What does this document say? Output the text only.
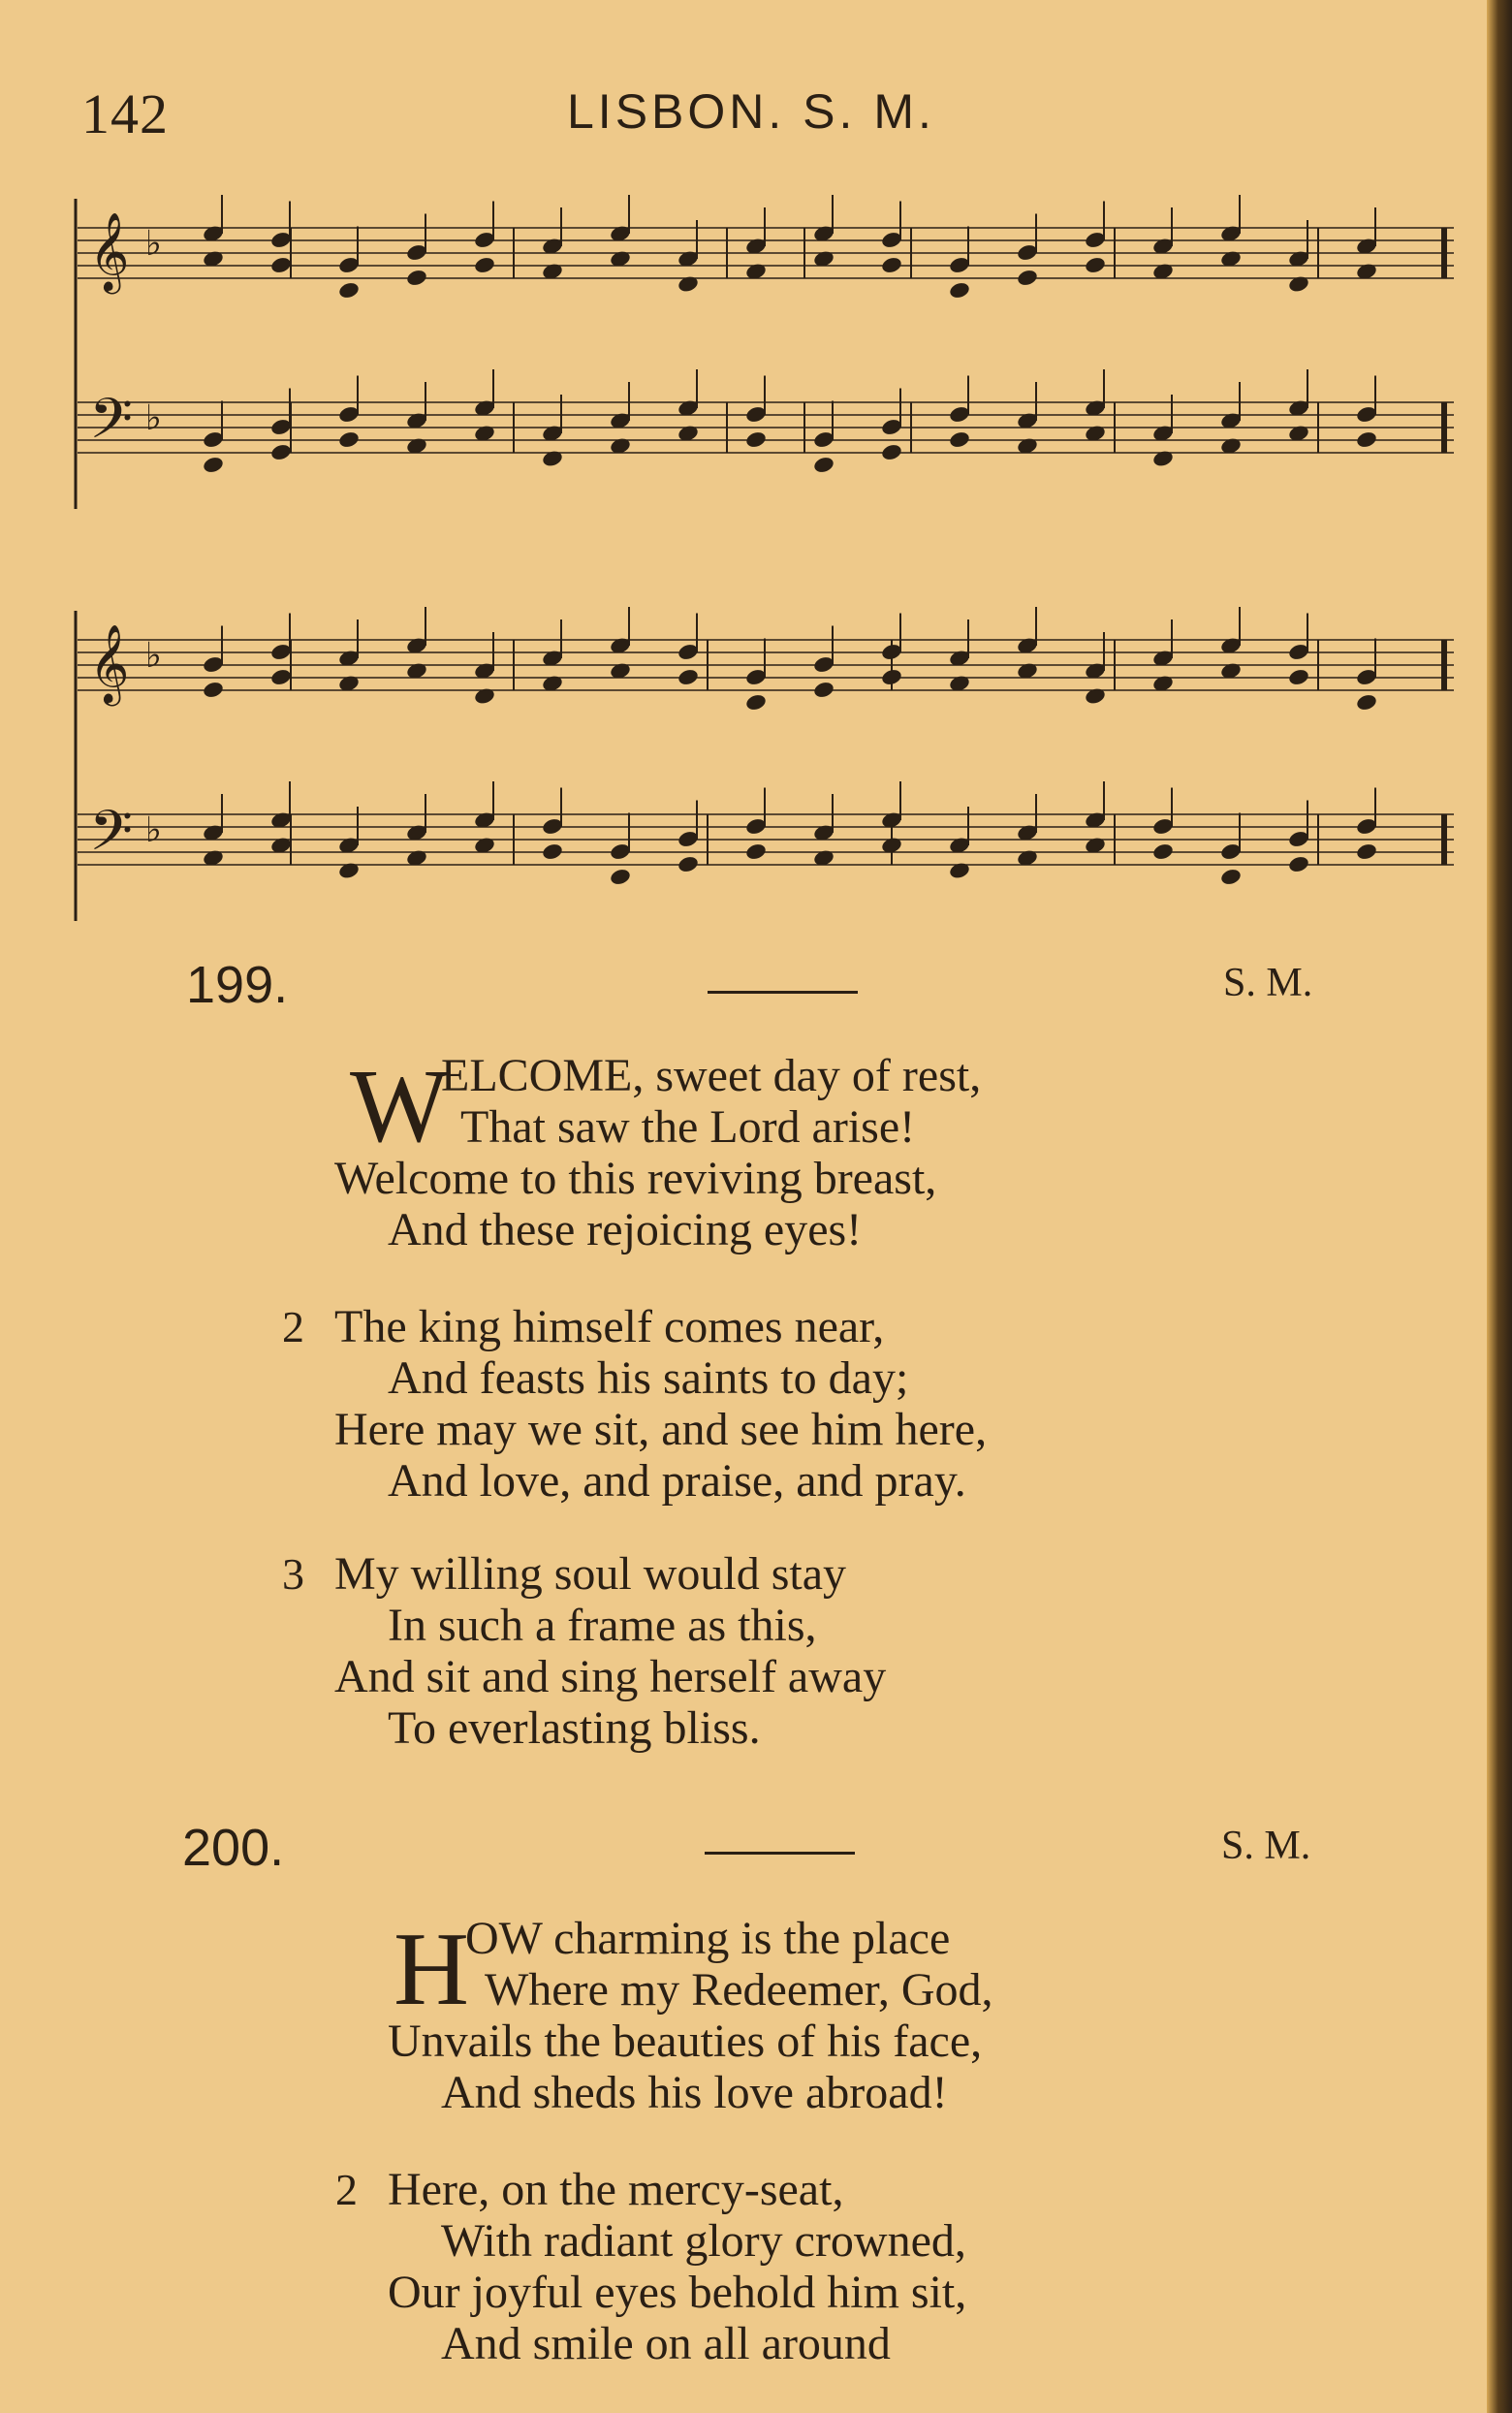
142	LISBON. S. M.
𝄞 ♭
𝄢 ♭
𝄞 ♭
𝄢 ♭
199.	S. M.
W
ELCOME, sweet day of rest,
That saw the Lord arise!
Welcome to this reviving breast,
And these rejoicing eyes!
2 The king himself comes near,
And feasts his saints to day;
Here may we sit, and see him here,
And love, and praise, and pray.
3 My willing soul would stay
In such a frame as this,
And sit and sing herself away
To everlasting bliss.
200.	S. M.
H
OW charming is the place
Where my Redeemer, God,
Unvails the beauties of his face,
And sheds his love abroad!
2 Here, on the mercy-seat,
With radiant glory crowned,
Our joyful eyes behold him sit,
And smile on all around
